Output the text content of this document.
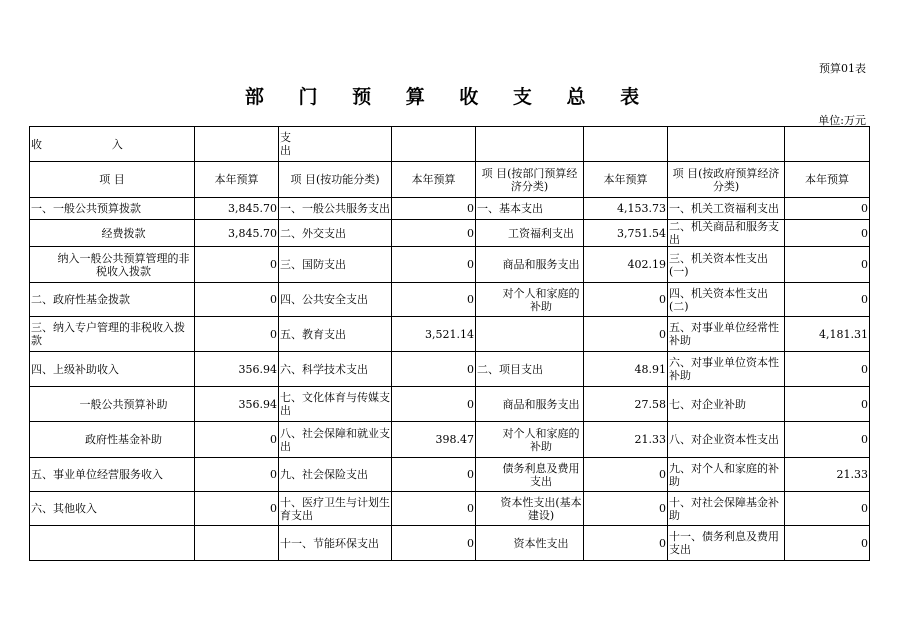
预算01表
部 门 预 算 收 支 总 表
单位:万元
收                    入		支
出					
项 目	本年预算	项 目(按功能分类)	本年预算	项 目(按部门预算经济分类)	本年预算	项 目(按政府预算经济分类)	本年预算
一、一般公共预算拨款	3,845.70	一、一般公共服务支出	0	一、基本支出	4,153.73	一、机关工资福利支出	0
经费拨款	3,845.70	二、外交支出	0	工资福利支出	3,751.54	二、机关商品和服务支出	0
纳入一般公共预算管理的非税收入拨款	0	三、国防支出	0	商品和服务支出	402.19	三、机关资本性支出(一)	0
二、政府性基金拨款	0	四、公共安全支出	0	对个人和家庭的补助	0	四、机关资本性支出(二)	0
三、纳入专户管理的非税收入拨款	0	五、教育支出	3,521.14		0	五、对事业单位经常性补助	4,181.31
四、上级补助收入	356.94	六、科学技术支出	0	二、项目支出	48.91	六、对事业单位资本性补助	0
一般公共预算补助	356.94	七、文化体育与传媒支出	0	商品和服务支出	27.58	七、对企业补助	0
政府性基金补助	0	八、社会保障和就业支出	398.47	对个人和家庭的补助	21.33	八、对企业资本性支出	0
五、事业单位经营服务收入	0	九、社会保险支出	0	债务利息及费用支出	0	九、对个人和家庭的补助	21.33
六、其他收入	0	十、医疗卫生与计划生育支出	0	资本性支出(基本建设)	0	十、对社会保障基金补助	0
		十一、节能环保支出	0	资本性支出	0	十一、债务利息及费用支出	0
